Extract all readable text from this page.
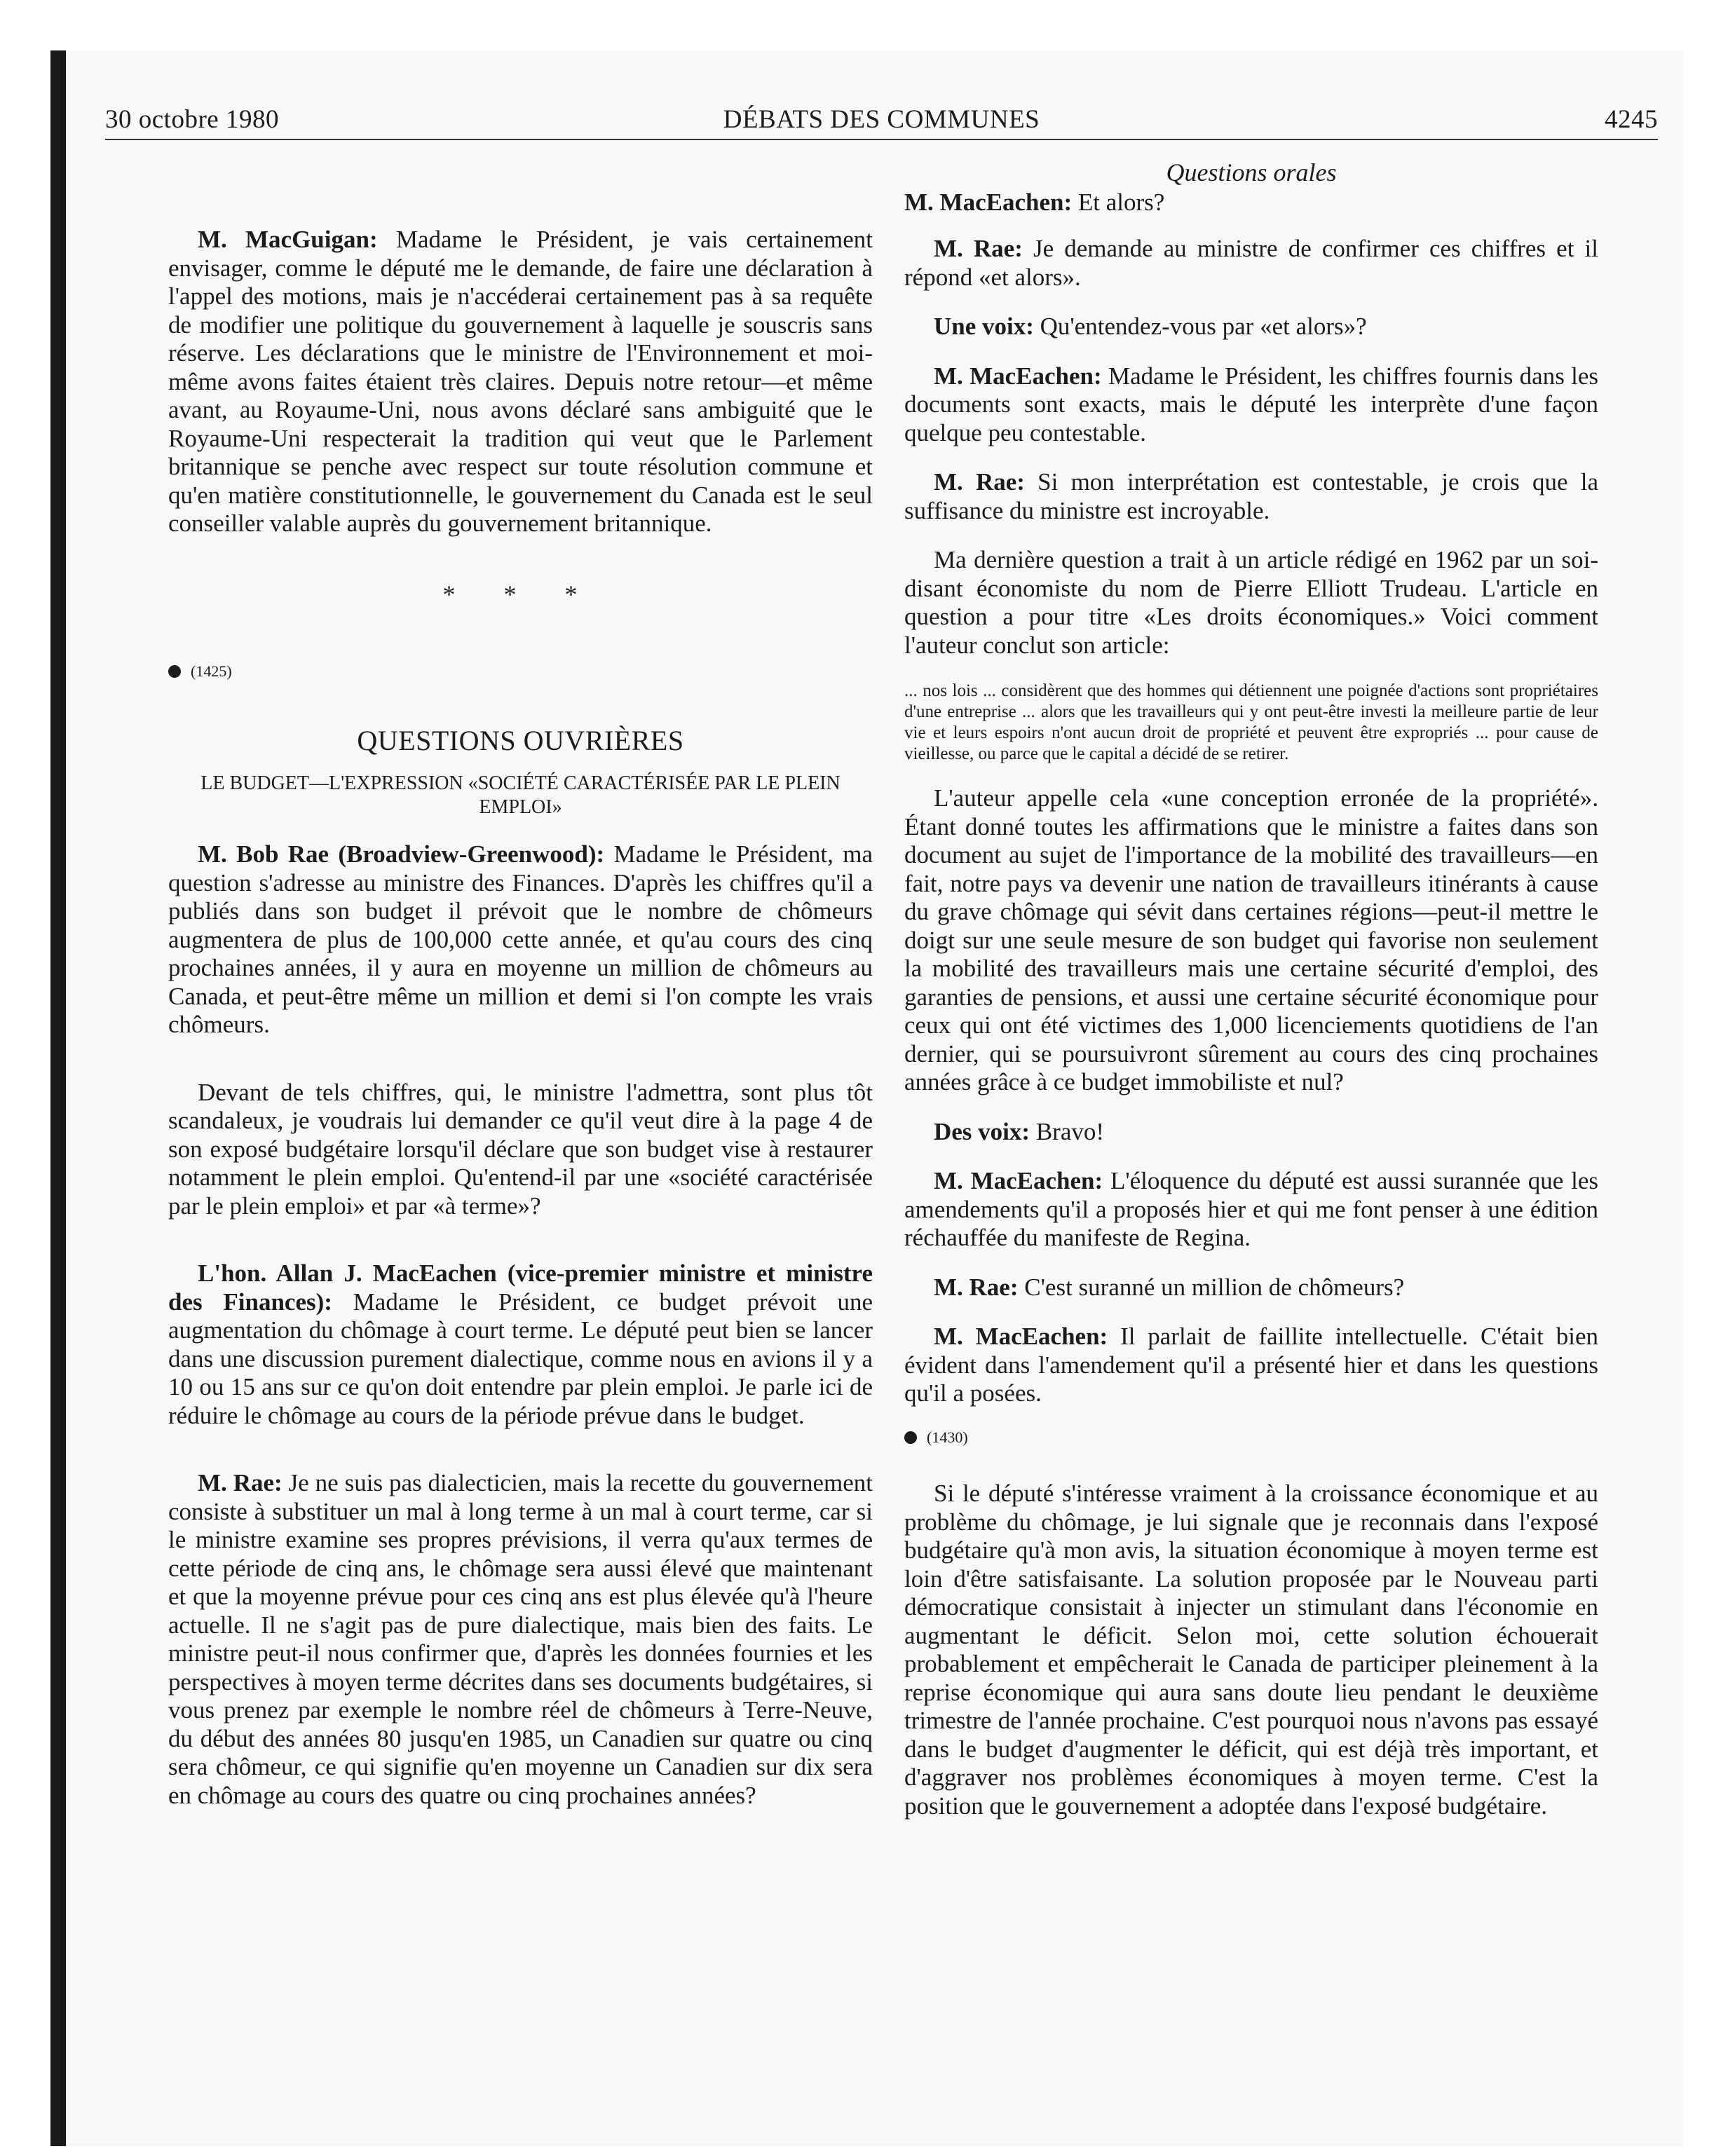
30 octobre 1980	DÉBATS DES COMMUNES	4245

M. MacGuigan: Madame le Président, je vais certainement envisager, comme le député me le demande, de faire une déclaration à l'appel des motions, mais je n'accéderai certainement pas à sa requête de modifier une politique du gouvernement à laquelle je souscris sans réserve. Les déclarations que le ministre de l'Environnement et moi-même avons faites étaient très claires. Depuis notre retour—et même avant, au Royaume-Uni, nous avons déclaré sans ambiguité que le Royaume-Uni respecterait la tradition qui veut que le Parlement britannique se penche avec respect sur toute résolution commune et qu'en matière constitutionnelle, le gouvernement du Canada est le seul conseiller valable auprès du gouvernement britannique.

* * *
(1425)
QUESTIONS OUVRIÈRES
LE BUDGET—L'EXPRESSION «SOCIÉTÉ CARACTÉRISÉE PAR LE PLEIN EMPLOI»

M. Bob Rae (Broadview-Greenwood): Madame le Président, ma question s'adresse au ministre des Finances. D'après les chiffres qu'il a publiés dans son budget il prévoit que le nombre de chômeurs augmentera de plus de 100,000 cette année, et qu'au cours des cinq prochaines années, il y aura en moyenne un million de chômeurs au Canada, et peut-être même un million et demi si l'on compte les vrais chômeurs.

Devant de tels chiffres, qui, le ministre l'admettra, sont plus tôt scandaleux, je voudrais lui demander ce qu'il veut dire à la page 4 de son exposé budgétaire lorsqu'il déclare que son budget vise à restaurer notamment le plein emploi. Qu'entend-il par une «société caractérisée par le plein emploi» et par «à terme»?

L'hon. Allan J. MacEachen (vice-premier ministre et ministre des Finances): Madame le Président, ce budget prévoit une augmentation du chômage à court terme. Le député peut bien se lancer dans une discussion purement dialectique, comme nous en avions il y a 10 ou 15 ans sur ce qu'on doit entendre par plein emploi. Je parle ici de réduire le chômage au cours de la période prévue dans le budget.

M. Rae: Je ne suis pas dialecticien, mais la recette du gouvernement consiste à substituer un mal à long terme à un mal à court terme, car si le ministre examine ses propres prévisions, il verra qu'aux termes de cette période de cinq ans, le chômage sera aussi élevé que maintenant et que la moyenne prévue pour ces cinq ans est plus élevée qu'à l'heure actuelle. Il ne s'agit pas de pure dialectique, mais bien des faits. Le ministre peut-il nous confirmer que, d'après les données fournies et les perspectives à moyen terme décrites dans ses documents budgétaires, si vous prenez par exemple le nombre réel de chômeurs à Terre-Neuve, du début des années 80 jusqu'en 1985, un Canadien sur quatre ou cinq sera chômeur, ce qui signifie qu'en moyenne un Canadien sur dix sera en chômage au cours des quatre ou cinq prochaines années?

Questions orales

M. MacEachen: Et alors?

M. Rae: Je demande au ministre de confirmer ces chiffres et il répond «et alors».

Une voix: Qu'entendez-vous par «et alors»?

M. MacEachen: Madame le Président, les chiffres fournis dans les documents sont exacts, mais le député les interprète d'une façon quelque peu contestable.

M. Rae: Si mon interprétation est contestable, je crois que la suffisance du ministre est incroyable.

Ma dernière question a trait à un article rédigé en 1962 par un soi-disant économiste du nom de Pierre Elliott Trudeau. L'article en question a pour titre «Les droits économiques.» Voici comment l'auteur conclut son article:

... nos lois ... considèrent que des hommes qui détiennent une poignée d'actions sont propriétaires d'une entreprise ... alors que les travailleurs qui y ont peut-être investi la meilleure partie de leur vie et leurs espoirs n'ont aucun droit de propriété et peuvent être expropriés ... pour cause de vieillesse, ou parce que le capital a décidé de se retirer.

L'auteur appelle cela «une conception erronée de la propriété». Étant donné toutes les affirmations que le ministre a faites dans son document au sujet de l'importance de la mobilité des travailleurs—en fait, notre pays va devenir une nation de travailleurs itinérants à cause du grave chômage qui sévit dans certaines régions—peut-il mettre le doigt sur une seule mesure de son budget qui favorise non seulement la mobilité des travailleurs mais une certaine sécurité d'emploi, des garanties de pensions, et aussi une certaine sécurité économique pour ceux qui ont été victimes des 1,000 licenciements quotidiens de l'an dernier, qui se poursuivront sûrement au cours des cinq prochaines années grâce à ce budget immobiliste et nul?

Des voix: Bravo!

M. MacEachen: L'éloquence du député est aussi surannée que les amendements qu'il a proposés hier et qui me font penser à une édition réchauffée du manifeste de Regina.

M. Rae: C'est suranné un million de chômeurs?

M. MacEachen: Il parlait de faillite intellectuelle. C'était bien évident dans l'amendement qu'il a présenté hier et dans les questions qu'il a posées.

(1430)

Si le député s'intéresse vraiment à la croissance économique et au problème du chômage, je lui signale que je reconnais dans l'exposé budgétaire qu'à mon avis, la situation économique à moyen terme est loin d'être satisfaisante. La solution proposée par le Nouveau parti démocratique consistait à injecter un stimulant dans l'économie en augmentant le déficit. Selon moi, cette solution échouerait probablement et empêcherait le Canada de participer pleinement à la reprise économique qui aura sans doute lieu pendant le deuxième trimestre de l'année prochaine. C'est pourquoi nous n'avons pas essayé dans le budget d'augmenter le déficit, qui est déjà très important, et d'aggraver nos problèmes économiques à moyen terme. C'est la position que le gouvernement a adoptée dans l'exposé budgétaire.
